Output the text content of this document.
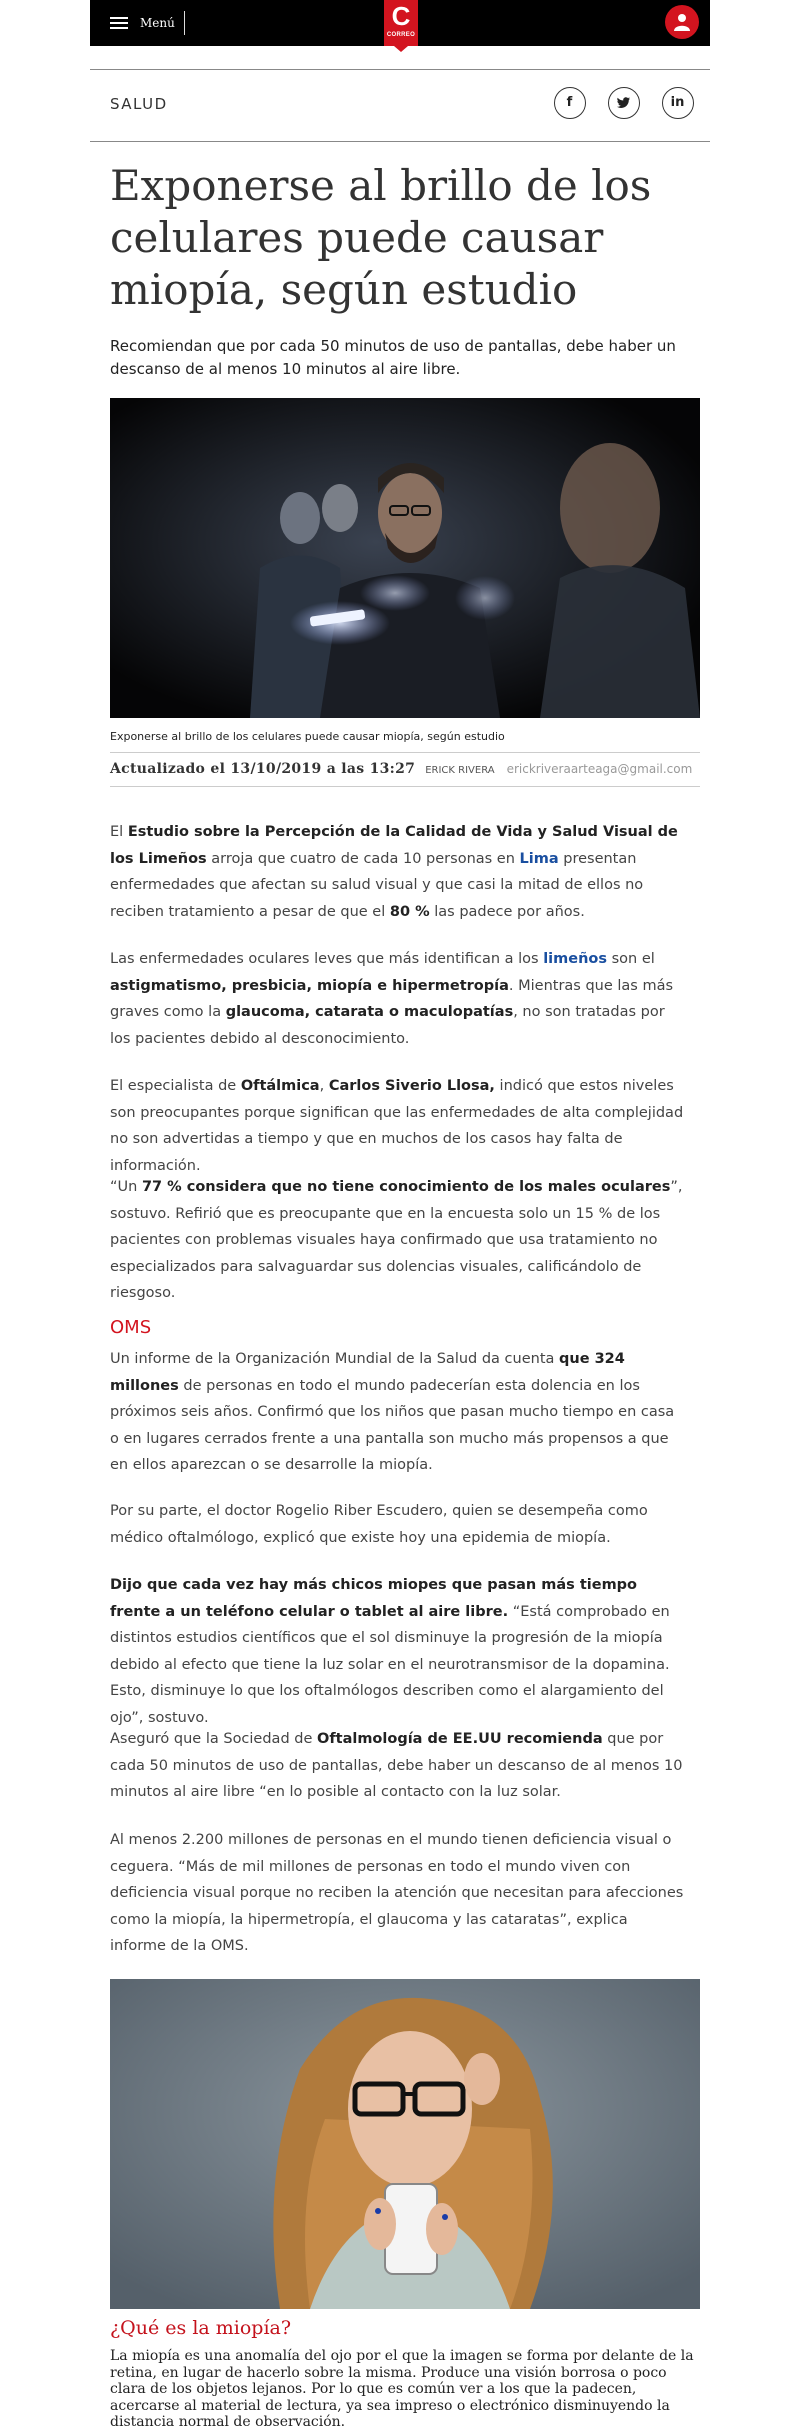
Menú	C
CORREO
SALUD	f	in
Exponerse al brillo de los celulares puede causar miopía, según estudio

Recomiendan que por cada 50 minutos de uso de pantallas, debe haber un descanso de al menos 10 minutos al aire libre.

Exponerse al brillo de los celulares puede causar miopía, según estudio
Actualizado el 13/10/2019 a las 13:27 ERICK RIVERA erickriveraarteaga@gmail.com

El Estudio sobre la Percepción de la Calidad de Vida y Salud Visual de los Limeños arroja que cuatro de cada 10 personas en Lima presentan enfermedades que afectan su salud visual y que casi la mitad de ellos no reciben tratamiento a pesar de que el 80 % las padece por años.

Las enfermedades oculares leves que más identifican a los limeños son el astigmatismo, presbicia, miopía e hipermetropía. Mientras que las más graves como la glaucoma, catarata o maculopatías, no son tratadas por los pacientes debido al desconocimiento.

El especialista de Oftálmica, Carlos Siverio Llosa, indicó que estos niveles son preocupantes porque significan que las enfermedades de alta complejidad no son advertidas a tiempo y que en muchos de los casos hay falta de información.

“Un 77 % considera que no tiene conocimiento de los males oculares”, sostuvo. Refirió que es preocupante que en la encuesta solo un 15 % de los pacientes con problemas visuales haya confirmado que usa tratamiento no especializados para salvaguardar sus dolencias visuales, calificándolo de riesgoso.

OMS

Un informe de la Organización Mundial de la Salud da cuenta que 324 millones de personas en todo el mundo padecerían esta dolencia en los próximos seis años. Confirmó que los niños que pasan mucho tiempo en casa o en lugares cerrados frente a una pantalla son mucho más propensos a que en ellos aparezcan o se desarrolle la miopía.

Por su parte, el doctor Rogelio Riber Escudero, quien se desempeña como médico oftalmólogo, explicó que existe hoy una epidemia de miopía.

Dijo que cada vez hay más chicos miopes que pasan más tiempo frente a un teléfono celular o tablet al aire libre. “Está comprobado en distintos estudios científicos que el sol disminuye la progresión de la miopía debido al efecto que tiene la luz solar en el neurotransmisor de la dopamina. Esto, disminuye lo que los oftalmólogos describen como el alargamiento del ojo”, sostuvo.

Aseguró que la Sociedad de Oftalmología de EE.UU recomienda que por cada 50 minutos de uso de pantallas, debe haber un descanso de al menos 10 minutos al aire libre “en lo posible al contacto con la luz solar.

Al menos 2.200 millones de personas en el mundo tienen deficiencia visual o ceguera. “Más de mil millones de personas en todo el mundo viven con deficiencia visual porque no reciben la atención que necesitan para afecciones como la miopía, la hipermetropía, el glaucoma y las cataratas”, explica informe de la OMS.

¿Qué es la miopía?

La miopía es una anomalía del ojo por el que la imagen se forma por delante de la retina, en lugar de hacerlo sobre la misma. Produce una visión borrosa o poco clara de los objetos lejanos. Por lo que es común ver a los que la padecen, acercarse al material de lectura, ya sea impreso o electrónico disminuyendo la distancia normal de observación.
